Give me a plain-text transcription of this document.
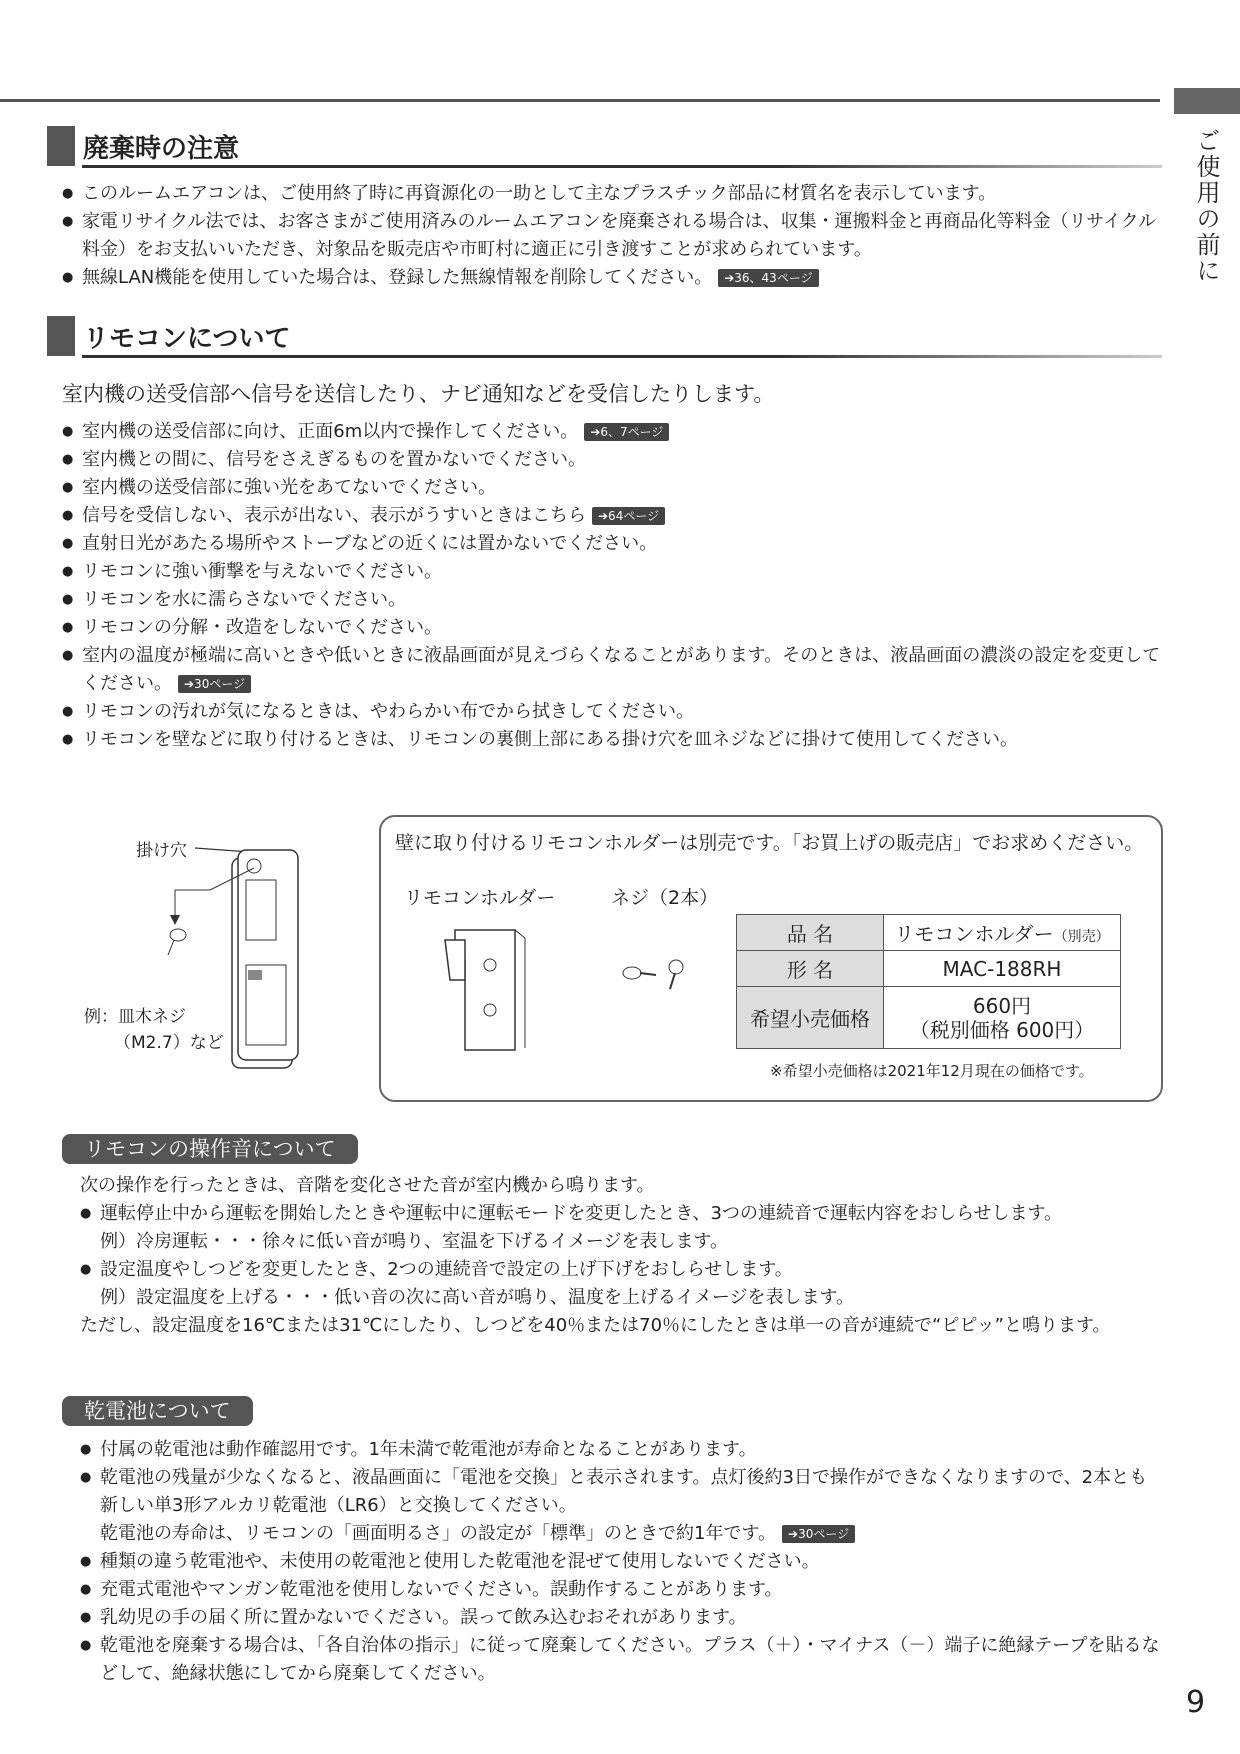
ご使用の前に
9
廃棄時の注意
● このルームエアコンは、ご使用終了時に再資源化の一助として主なプラスチック部品に材質名を表示しています。
● 家電リサイクル法では、お客さまがご使用済みのルームエアコンを廃棄される場合は、収集・運搬料金と再商品化等料金（リサイクル料金）をお支払いいただき、対象品を販売店や市町村に適正に引き渡すことが求められています。
● 無線LAN機能を使用していた場合は、登録した無線情報を削除してください。 ➔36、43ページ
リモコンについて
室内機の送受信部へ信号を送信したり、ナビ通知などを受信したりします。
● 室内機の送受信部に向け、正面6m以内で操作してください。 ➔6、7ページ
● 室内機との間に、信号をさえぎるものを置かないでください。
● 室内機の送受信部に強い光をあてないでください。
● 信号を受信しない、表示が出ない、表示がうすいときはこちら ➔64ページ
● 直射日光があたる場所やストーブなどの近くには置かないでください。
● リモコンに強い衝撃を与えないでください。
● リモコンを水に濡らさないでください。
● リモコンの分解・改造をしないでください。
● 室内の温度が極端に高いときや低いときに液晶画面が見えづらくなることがあります。そのときは、液晶画面の濃淡の設定を変更してください。 ➔30ページ
● リモコンの汚れが気になるときは、やわらかい布でから拭きしてください。
● リモコンを壁などに取り付けるときは、リモコンの裏側上部にある掛け穴を皿ネジなどに掛けて使用してください。
掛け穴
例：皿木ネジ
（M2.7）など
壁に取り付けるリモコンホルダーは別売です。「お買上げの販売店」でお求めください。
リモコンホルダー	ネジ（2本）
品 名	リモコンホルダー（別売）
形 名	MAC-188RH
希望小売価格	660円
（税別価格 600円）
※希望小売価格は2021年12月現在の価格です。
リモコンの操作音について
次の操作を行ったときは、音階を変化させた音が室内機から鳴ります。
● 運転停止中から運転を開始したときや運転中に運転モードを変更したとき、3つの連続音で運転内容をおしらせします。
例）冷房運転・・・徐々に低い音が鳴り、室温を下げるイメージを表します。
● 設定温度やしつどを変更したとき、2つの連続音で設定の上げ下げをおしらせします。
例）設定温度を上げる・・・低い音の次に高い音が鳴り、温度を上げるイメージを表します。
ただし、設定温度を16℃または31℃にしたり、しつどを40％または70％にしたときは単一の音が連続で“ピピッ”と鳴ります。
乾電池について
● 付属の乾電池は動作確認用です。1年未満で乾電池が寿命となることがあります。
● 乾電池の残量が少なくなると、液晶画面に「電池を交換」と表示されます。点灯後約3日で操作ができなくなりますので、2本とも新しい単3形アルカリ乾電池（LR6）と交換してください。
乾電池の寿命は、リモコンの「画面明るさ」の設定が「標準」のときで約1年です。 ➔30ページ
● 種類の違う乾電池や、未使用の乾電池と使用した乾電池を混ぜて使用しないでください。
● 充電式電池やマンガン乾電池を使用しないでください。誤動作することがあります。
● 乳幼児の手の届く所に置かないでください。誤って飲み込むおそれがあります。
● 乾電池を廃棄する場合は、「各自治体の指示」に従って廃棄してください。プラス（＋）・マイナス（－）端子に絶縁テープを貼るなどして、絶縁状態にしてから廃棄してください。
